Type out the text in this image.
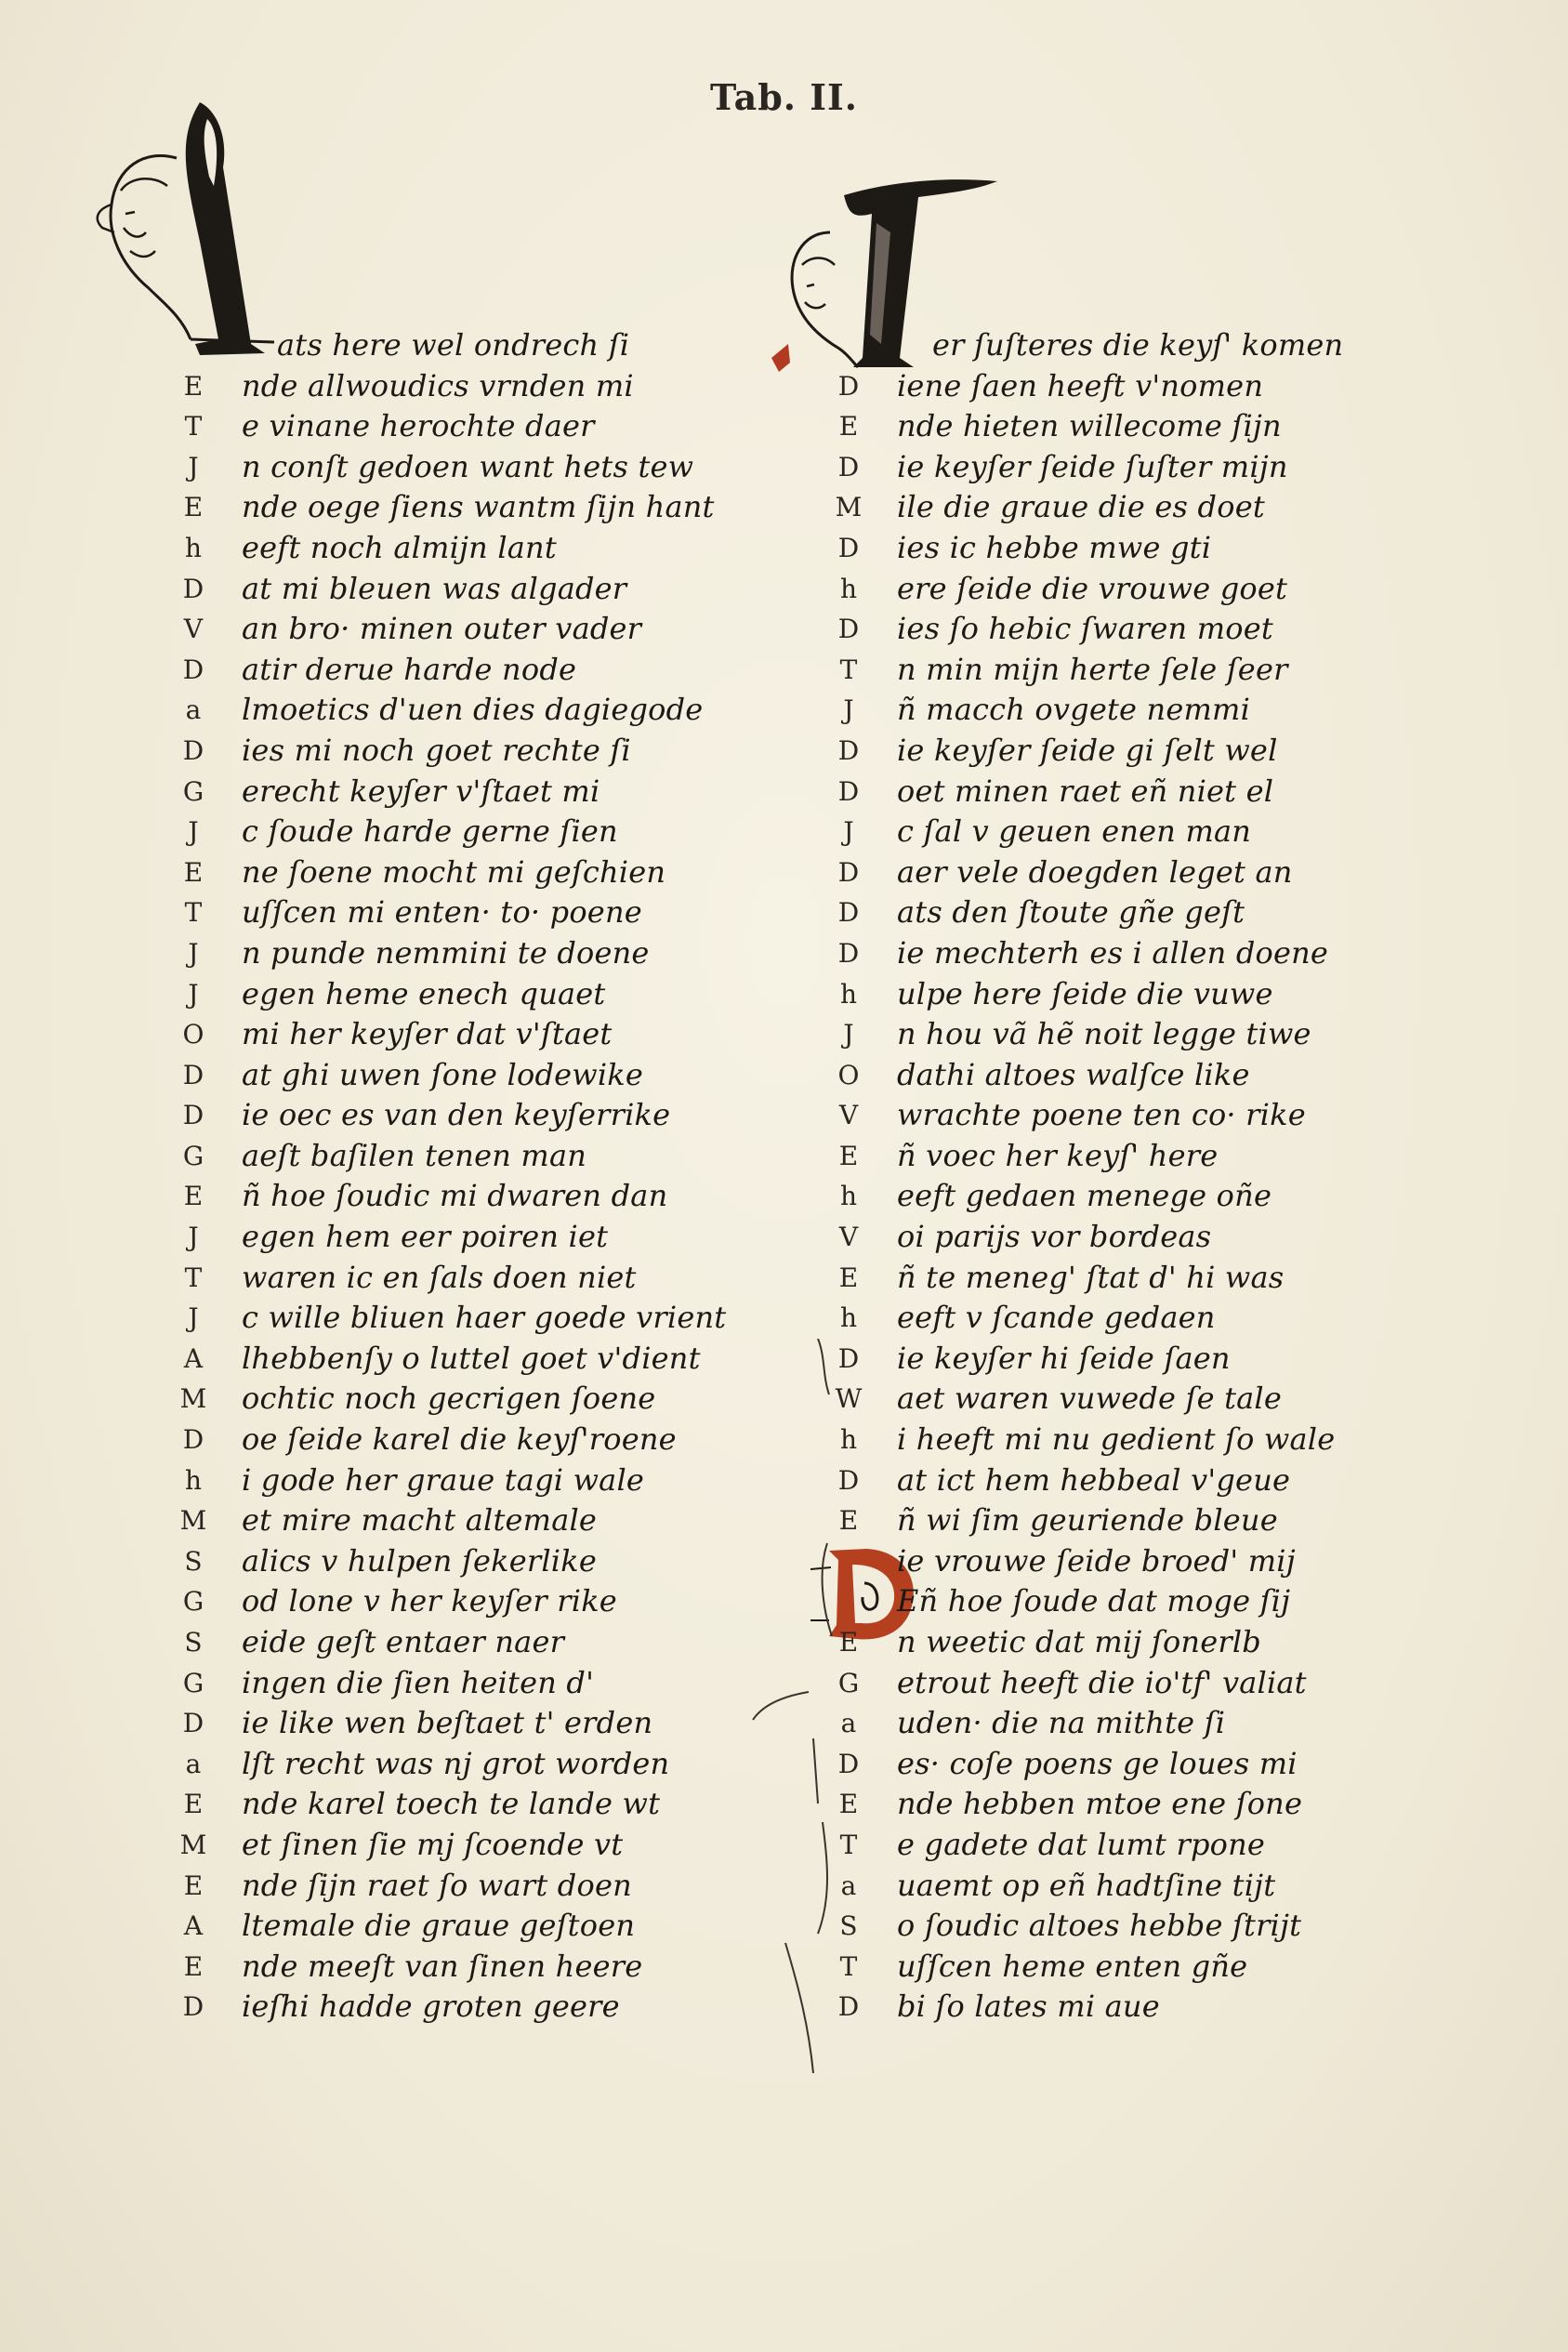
Tab. II.
ats here wel ondrech ſi
E nde allwoudics vrnden mi
T e vinane herochte daer
J	n conſt gedoen want hets tew
E nde oege ſiens wantm ſijn hant
h eeft noch almijn lant
D at mi bleuen was algader
V an bro· minen outer vader
D atir derue harde node
a	lmoetics d'uen dies dagiegode
D ies mi noch goet rechte ſi
G erecht keyſer v'ſtaet mi
J	c ſoude harde gerne ſien
E ne ſoene mocht mi geſchien
T uſſcen mi enten· to· poene
J	n punde nemmini te doene
J	egen heme enech quaet
O mi her keyſer dat v'ſtaet
D at ghi uwen ſone lodewike
D ie oec es van den keyſerrike
G aeſt baſilen tenen man
E ñ hoe ſoudic mi dwaren dan
J	egen hem eer poiren iet
T waren ic en ſals doen niet
J	c wille bliuen haer goede vrient
A lhebbenſy o luttel goet v'dient
M ochtic noch gecrigen ſoene
D oe ſeide karel die keyſ'roene
h i gode her graue tagi wale
M et mire macht altemale
S alics v hulpen ſekerlike
G od lone v her keyſer rike
S eide geſt entaer naer
G ingen die ſien heiten d'
D ie like wen beſtaet t' erden
a	lſt recht was nj grot worden
E nde karel toech te lande wt
M et ſinen ſie mj ſcoende vt
E nde ſijn raet ſo wart doen
A ltemale die graue geſtoen
E nde meeſt van ſinen heere
D ieſhi hadde groten geere
er ſuſteres die keyſ' komen
D iene ſaen heeft v'nomen
E nde hieten willecome ſijn
D ie keyſer ſeide ſuſter mijn
M ile die graue die es doet
D ies ic hebbe mwe gti
h ere ſeide die vrouwe goet
D ies ſo hebic ſwaren moet
T n min mijn herte ſele ſeer
J	ñ macch ovgete nemmi
D ie keyſer ſeide gi ſelt wel
D oet minen raet eñ niet el
J	c ſal v geuen enen man
D aer vele doegden leget an
D ats den ſtoute gñe geſt
D ie mechterh es i allen doene
h ulpe here ſeide die vuwe
J	n hou vã hẽ noit legge tiwe
O dathi altoes walſce like
V wrachte poene ten co· rike
E ñ voec her keyſ' here
h eeft gedaen menege oñe
V oi parijs vor bordeas
E ñ te meneg' ſtat d' hi was
h eeft v ſcande gedaen
D ie keyſer hi ſeide ſaen
W aet waren vuwede ſe tale
h i heeft mi nu gedient ſo wale
D at ict hem hebbeal v'geue
E ñ wi ſim geuriende bleue
ie vrouwe ſeide broed' mij
Eñ hoe ſoude dat moge ſij
E n weetic dat mij ſonerlb
G etrout heeft die io'tf' valiat
a	uden· die na mithte ſi
D es· coſe poens ge loues mi
E nde hebben mtoe ene ſone
T e gadete dat lumt rpone
a	uaemt op eñ hadtſine tijt
S o ſoudic altoes hebbe ſtrijt
T uſſcen heme enten gñe
D bi ſo lates mi aue
